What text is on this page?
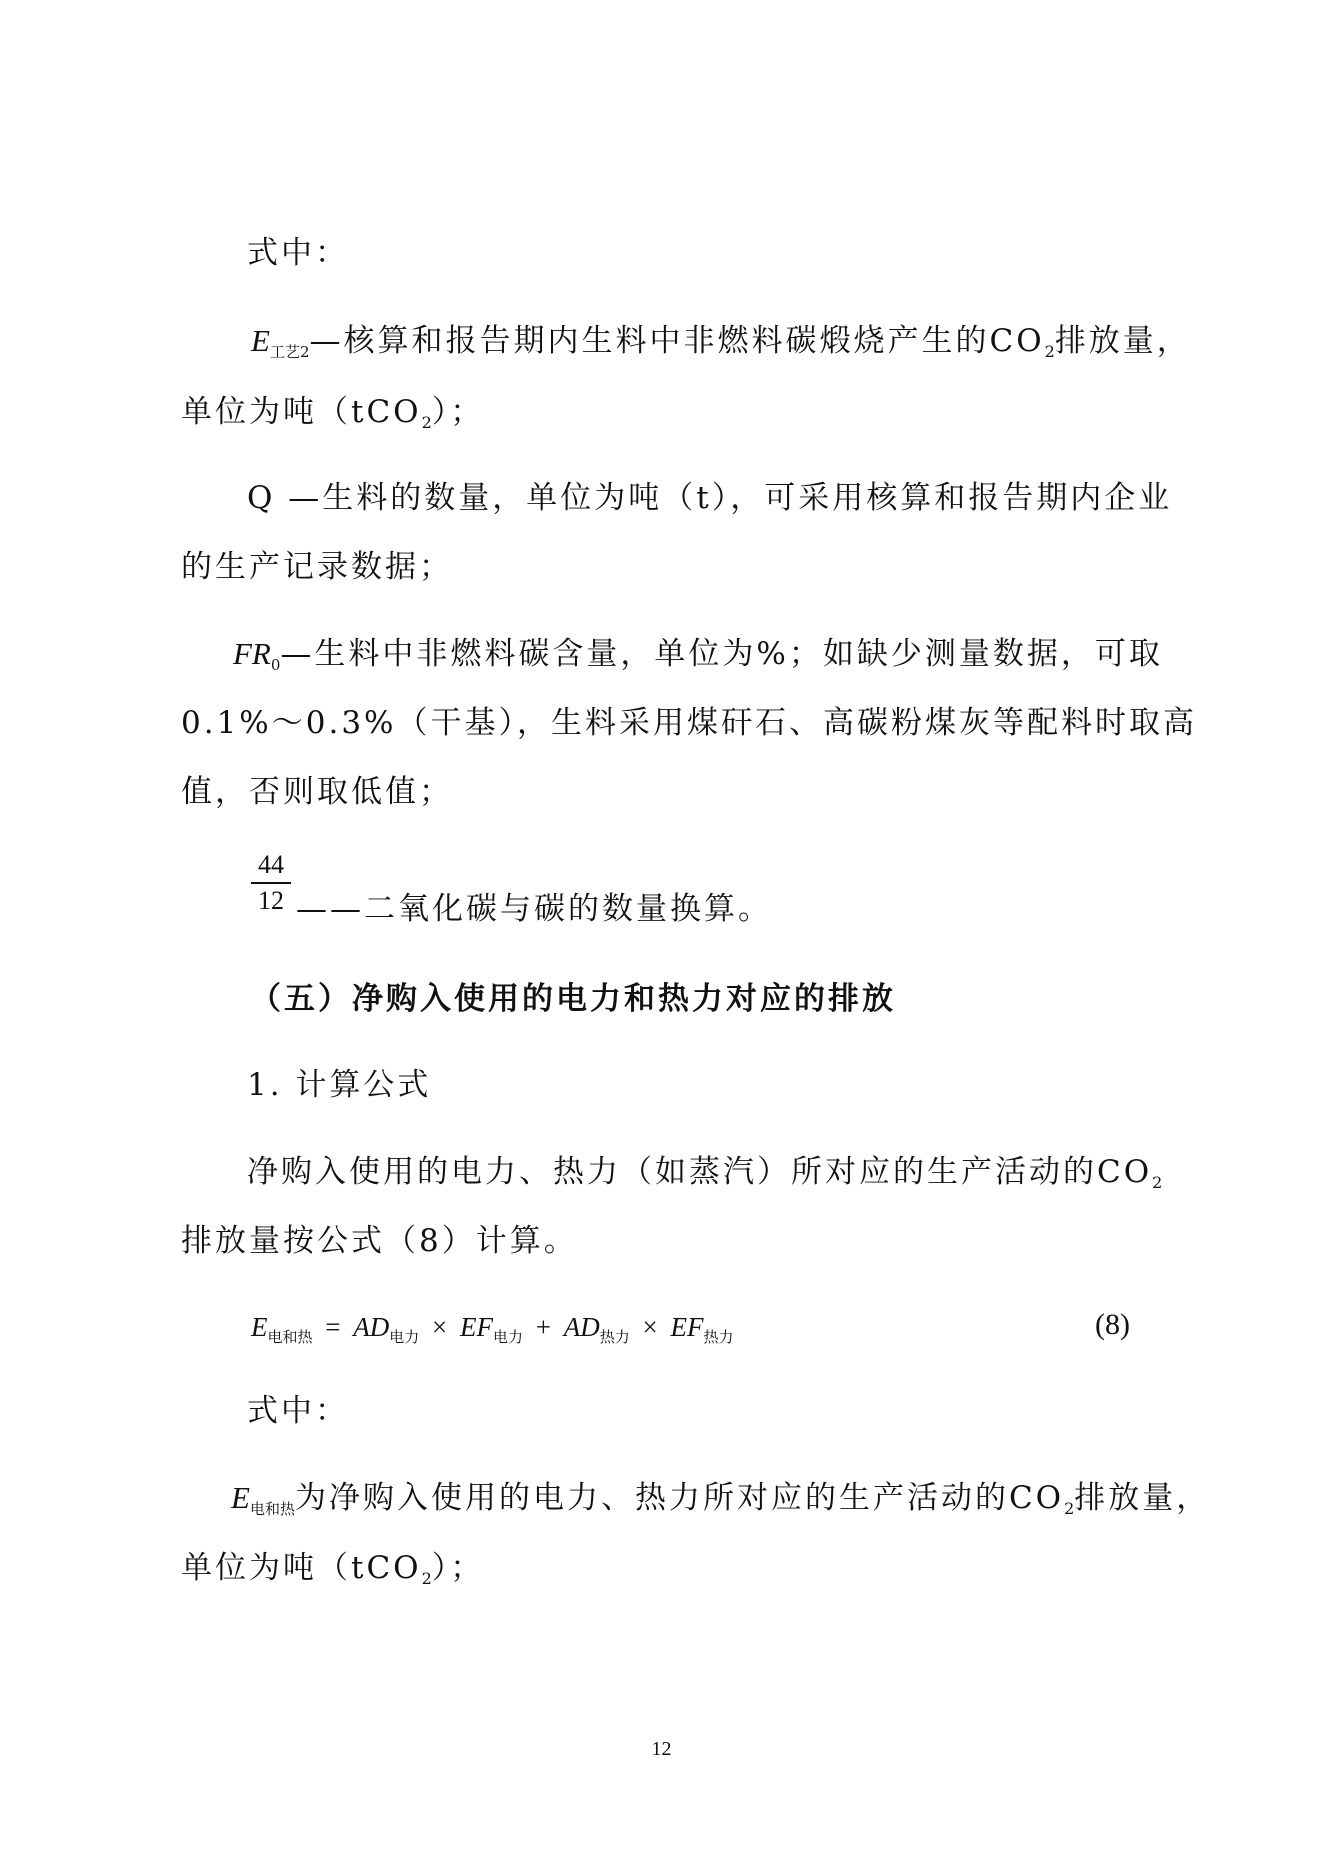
式中：
$E_{工艺2}—$核算和报告期内生料中非燃料碳煅烧产生的CO2排放量，
单位为吨（tCO2）；
Q —生料的数量，单位为吨（t），可采用核算和报告期内企业
的生产记录数据；
$FR_0—$生料中非燃料碳含量，单位为%；如缺少测量数据，可取
0.1%～0.3%（干基），生料采用煤矸石、高碳粉煤灰等配料时取高
值，否则取低值；
44
12 ——二氧化碳与碳的数量换算。
（五）净购入使用的电力和热力对应的排放
1. 计算公式
净购入使用的电力、热力（如蒸汽）所对应的生产活动的CO2
排放量按公式（8）计算。
$E_{电和热} = AD_{电力} \times EF_{电力} + AD_{热力} \times EF_{热力}$	(8)
式中：
$E_{电和热}$为净购入使用的电力、热力所对应的生产活动的CO2排放量，
单位为吨（tCO2）；
12
